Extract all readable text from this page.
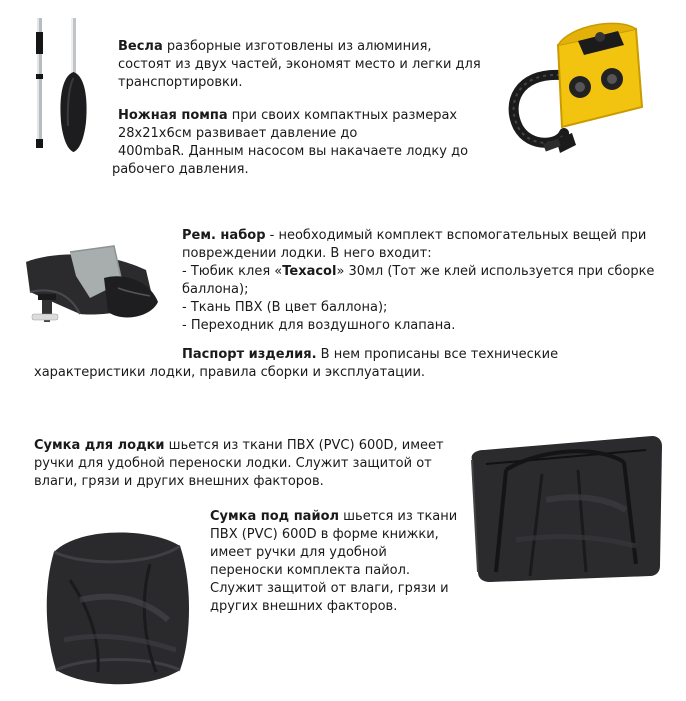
Весла разборные изготовлены из алюминия,

состоят из двух частей, экономят место и легки для

транспортировки.

Ножная помпа при своих компактных размерах

28х21х6см развивает давление до

400mbaR. Данным насосом вы накачаете лодку до

рабочего давления.

Рем. набор - необходимый комплект вспомогательных вещей при

повреждении лодки. В него входит:

- Тюбик клея «Texacol» 30мл (Тот же клей используется при сборке

баллона);

- Ткань ПВХ (В цвет баллона);

- Переходник для воздушного клапана.

Паспорт изделия. В нем прописаны все технические

характеристики лодки, правила сборки и эксплуатации.

Сумка для лодки шьется из ткани ПВХ (PVC) 600D, имеет

ручки для удобной переноски лодки. Служит защитой от

влаги, грязи и других внешних факторов.

Сумка под пайол шьется из ткани

ПВХ (PVC) 600D в форме книжки,

имеет ручки для удобной

переноски комплекта пайол.

Служит защитой от влаги, грязи и

других внешних факторов.
